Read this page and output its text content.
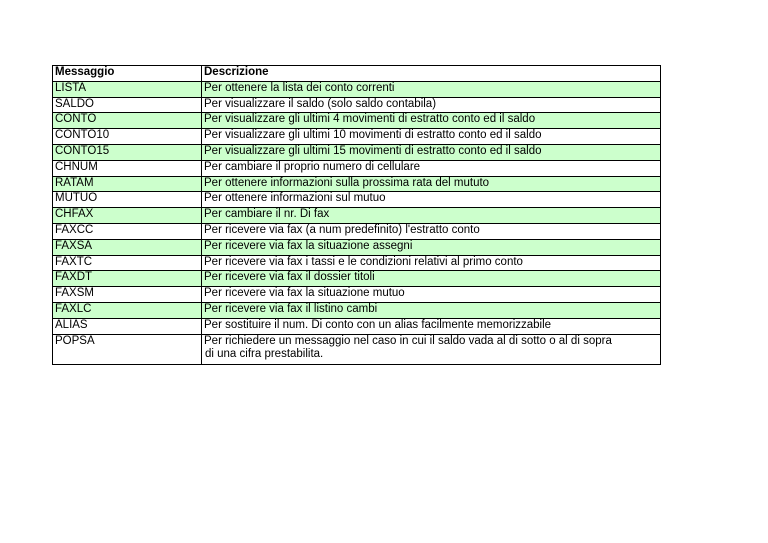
Messaggio	Descrizione
LISTA	Per ottenere la lista dei conto correnti
SALDO	Per visualizzare il saldo (solo saldo contabila)
CONTO	Per visualizzare gli ultimi 4 movimenti di estratto conto ed il saldo
CONTO10	Per visualizzare gli ultimi 10 movimenti di estratto conto ed il saldo
CONTO15	Per visualizzare gli ultimi 15 movimenti di estratto conto ed il saldo
CHNUM	Per cambiare il proprio numero di cellulare
RATAM	Per ottenere informazioni sulla prossima rata del mututo
MUTUO	Per ottenere informazioni sul mutuo
CHFAX	Per cambiare il nr. Di fax
FAXCC	Per ricevere via fax (a num predefinito) l'estratto conto
FAXSA	Per ricevere via fax la situazione assegni
FAXTC	Per ricevere via fax i tassi e le condizioni relativi al primo conto
FAXDT	Per ricevere via fax il dossier titoli
FAXSM	Per ricevere via fax la situazione mutuo
FAXLC	Per ricevere via fax il listino cambi
ALIAS	Per sostituire il num. Di conto con un alias facilmente memorizzabile
POPSA	Per richiedere un messaggio nel caso in cui il saldo vada al di sotto o al di sopra
di una cifra prestabilita.
